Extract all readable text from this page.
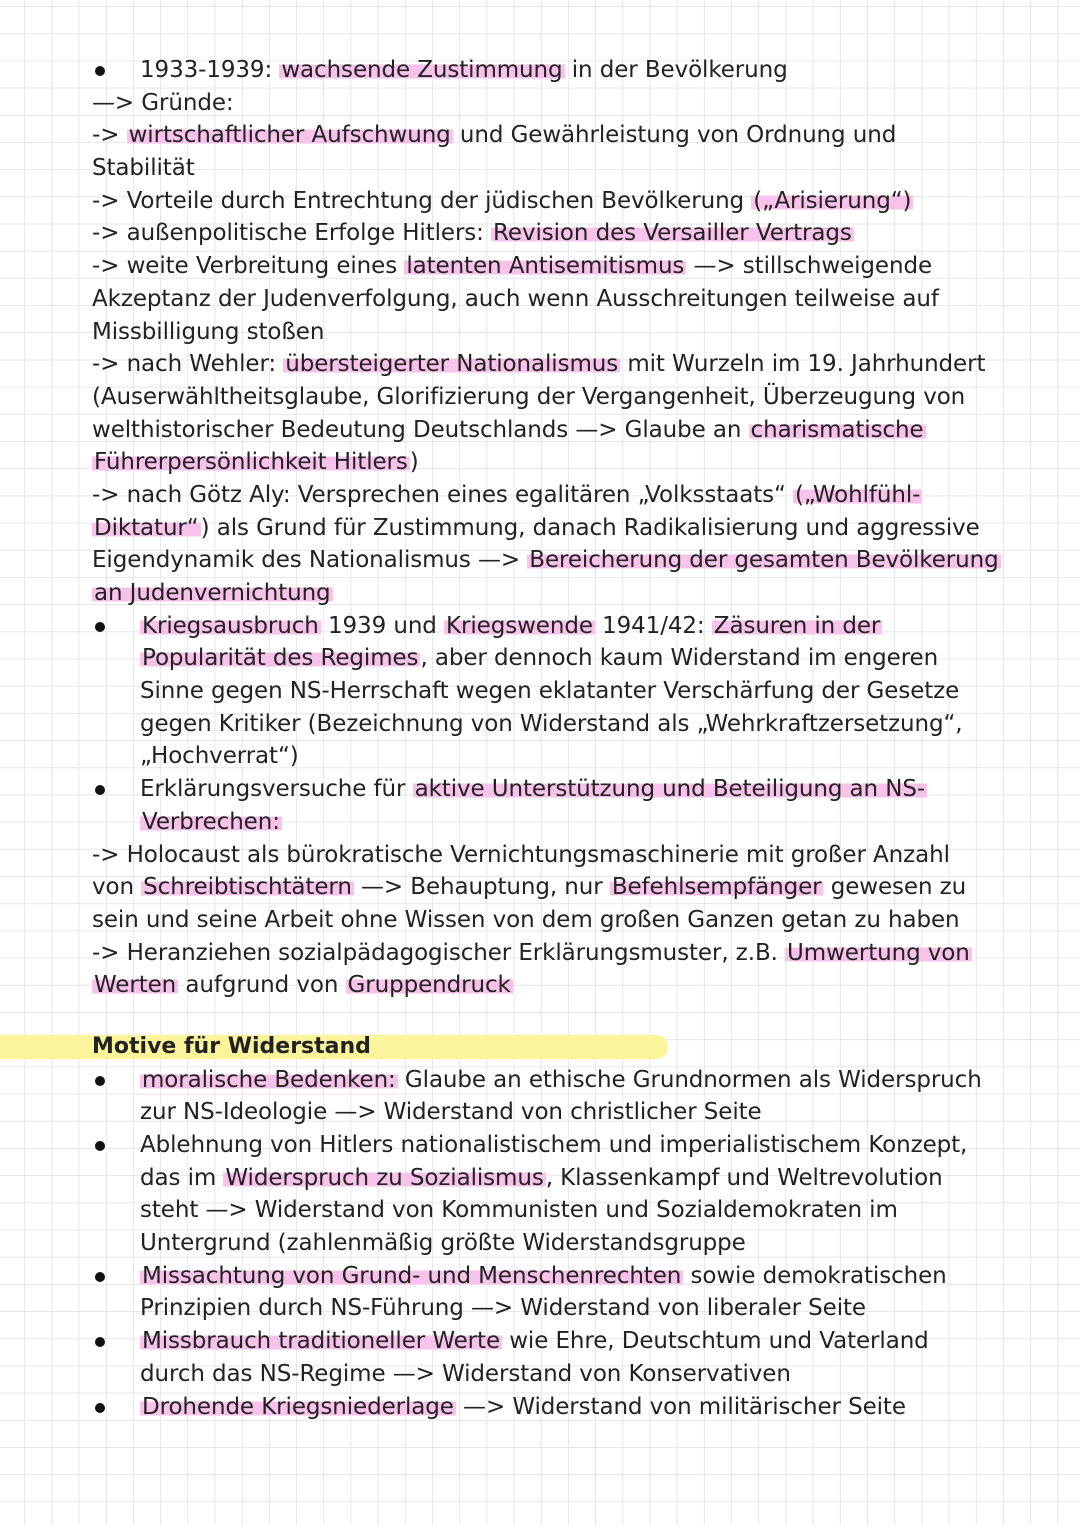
1933-1939: wachsende Zustimmung in der Bevölkerung
—> Gründe:
-> wirtschaftlicher Aufschwung und Gewährleistung von Ordnung und
Stabilität
-> Vorteile durch Entrechtung der jüdischen Bevölkerung („Arisierung“)
-> außenpolitische Erfolge Hitlers: Revision des Versailler Vertrags
-> weite Verbreitung eines latenten Antisemitismus —> stillschweigende
Akzeptanz der Judenverfolgung, auch wenn Ausschreitungen teilweise auf
Missbilligung stoßen
-> nach Wehler: übersteigerter Nationalismus mit Wurzeln im 19. Jahrhundert
(Auserwähltheitsglaube, Glorifizierung der Vergangenheit, Überzeugung von
welthistorischer Bedeutung Deutschlands —> Glaube an charismatische
Führerpersönlichkeit Hitlers)
-> nach Götz Aly: Versprechen eines egalitären „Volksstaats“ („Wohlfühl-
Diktatur“) als Grund für Zustimmung, danach Radikalisierung und aggressive
Eigendynamik des Nationalismus —> Bereicherung der gesamten Bevölkerung
an Judenvernichtung
Kriegsausbruch 1939 und Kriegswende 1941/42: Zäsuren in der
Popularität des Regimes, aber dennoch kaum Widerstand im engeren
Sinne gegen NS-Herrschaft wegen eklatanter Verschärfung der Gesetze
gegen Kritiker (Bezeichnung von Widerstand als „Wehrkraftzersetzung“,
„Hochverrat“)
Erklärungsversuche für aktive Unterstützung und Beteiligung an NS-
Verbrechen:
-> Holocaust als bürokratische Vernichtungsmaschinerie mit großer Anzahl
von Schreibtischtätern —> Behauptung, nur Befehlsempfänger gewesen zu
sein und seine Arbeit ohne Wissen von dem großen Ganzen getan zu haben
-> Heranziehen sozialpädagogischer Erklärungsmuster, z.B. Umwertung von
Werten aufgrund von Gruppendruck
Motive für Widerstand
moralische Bedenken: Glaube an ethische Grundnormen als Widerspruch
zur NS-Ideologie —> Widerstand von christlicher Seite
Ablehnung von Hitlers nationalistischem und imperialistischem Konzept,
das im Widerspruch zu Sozialismus, Klassenkampf und Weltrevolution
steht —> Widerstand von Kommunisten und Sozialdemokraten im
Untergrund (zahlenmäßig größte Widerstandsgruppe
Missachtung von Grund- und Menschenrechten sowie demokratischen
Prinzipien durch NS-Führung —> Widerstand von liberaler Seite
Missbrauch traditioneller Werte wie Ehre, Deutschtum und Vaterland
durch das NS-Regime —> Widerstand von Konservativen
Drohende Kriegsniederlage —> Widerstand von militärischer Seite
